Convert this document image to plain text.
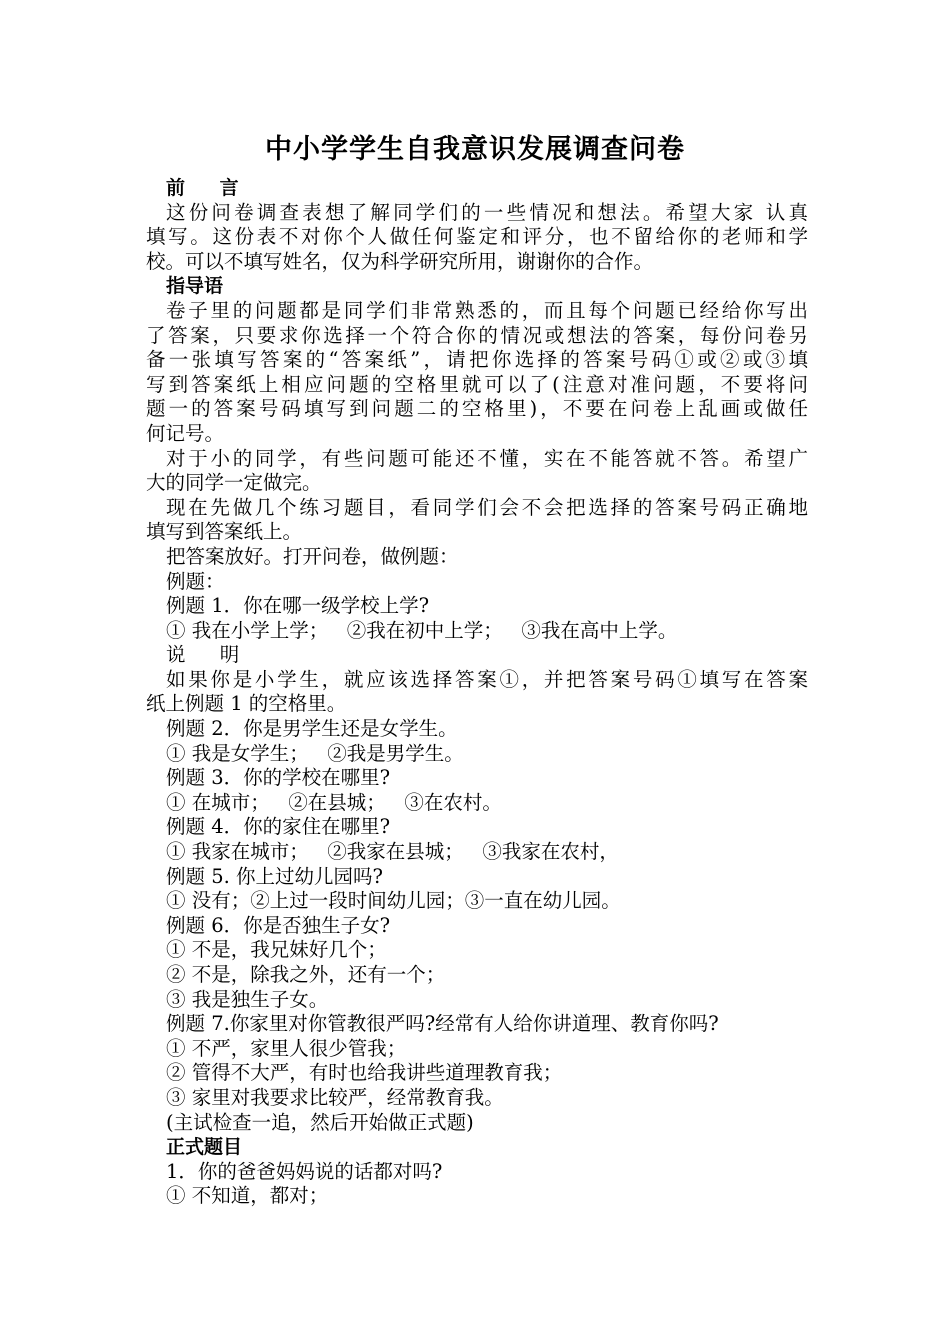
中小学学生自我意识发展调查问卷
前 言
这份问卷调查表想了解同学们的一些情况和想法。希望大家 认真
填写。这份表不对你个人做任何鉴定和评分，也不留给你的老师和学
校。可以不填写姓名，仅为科学研究所用，谢谢你的合作。
指导语
卷子里的问题都是同学们非常熟悉的，而且每个问题已经给你写出
了答案，只要求你选择一个符合你的情况或想法的答案，每份问卷另
备一张填写答案的“答案纸”，请把你选择的答案号码①或②或③填
写到答案纸上相应问题的空格里就可以了(注意对准问题，不要将问
题一的答案号码填写到问题二的空格里)，不要在问卷上乱画或做任
何记号。
对于小的同学，有些问题可能还不懂，实在不能答就不答。希望广
大的同学一定做完。
现在先做几个练习题目，看同学们会不会把选择的答案号码正确地
填写到答案纸上。
把答案放好。打开问卷，做例题：
例题：
例题 1．你在哪一级学校上学?
① 我在小学上学；   ②我在初中上学；   ③我在高中上学。
说 明
如果你是小学生，就应该选择答案①，并把答案号码①填写在答案
纸上例题 1 的空格里。
例题 2．你是男学生还是女学生。
① 我是女学生；   ②我是男学生。
例题 3．你的学校在哪里?
① 在城市；   ②在县城；   ③在农村。
例题 4．你的家住在哪里?
① 我家在城市；   ②我家在县城；   ③我家在农村，
例题 5. 你上过幼儿园吗?
① 没有；②上过一段时间幼儿园；③一直在幼儿园。
例题 6．你是否独生子女?
① 不是，我兄妹好几个；
② 不是，除我之外，还有一个；
③ 我是独生子女。
例题 7.你家里对你管教很严吗?经常有人给你讲道理、教育你吗?
① 不严，家里人很少管我；
② 管得不大严，有时也给我讲些道理教育我；
③ 家里对我要求比较严，经常教育我。
(主试检查一追，然后开始做正式题)
正式题目
1．你的爸爸妈妈说的话都对吗?
① 不知道，都对；
